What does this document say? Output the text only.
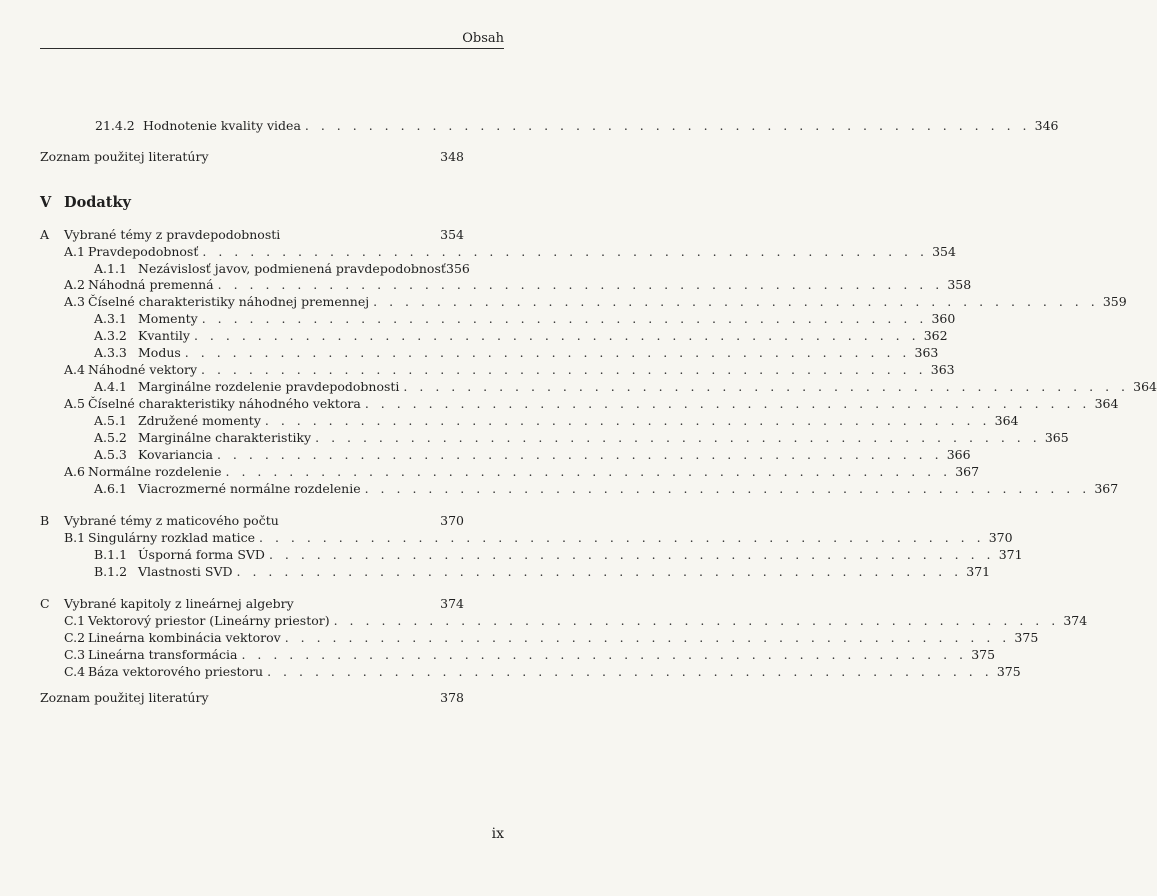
Obsah
21.4.2 Hodnotenie kvality videa . . . . . . . . . . . . . . . . . . . . . . . . . . . . . . . . . . . . . . . . . . . . . . 346
Zoznam použitej literatúry	348
V Dodatky
A	Vybrané témy z pravdepodobnosti	354
A.1 Pravdepodobnosť . . . . . . . . . . . . . . . . . . . . . . . . . . . . . . . . . . . . . . . . . . . . . . 354
A.1.1 Nezávislosť javov, podmienená pravdepodobnosť 356
A.2 Náhodná premenná . . . . . . . . . . . . . . . . . . . . . . . . . . . . . . . . . . . . . . . . . . . . . . 358
A.3 Číselné charakteristiky náhodnej premennej . . . . . . . . . . . . . . . . . . . . . . . . . . . . . . . . . . . . . . . . . . . . . . 359
A.3.1 Momenty . . . . . . . . . . . . . . . . . . . . . . . . . . . . . . . . . . . . . . . . . . . . . . 360
A.3.2 Kvantily . . . . . . . . . . . . . . . . . . . . . . . . . . . . . . . . . . . . . . . . . . . . . . 362
A.3.3 Modus . . . . . . . . . . . . . . . . . . . . . . . . . . . . . . . . . . . . . . . . . . . . . . 363
A.4 Náhodné vektory . . . . . . . . . . . . . . . . . . . . . . . . . . . . . . . . . . . . . . . . . . . . . . 363
A.4.1 Marginálne rozdelenie pravdepodobnosti . . . . . . . . . . . . . . . . . . . . . . . . . . . . . . . . . . . . . . . . . . . . . . 364
A.5 Číselné charakteristiky náhodného vektora . . . . . . . . . . . . . . . . . . . . . . . . . . . . . . . . . . . . . . . . . . . . . . 364
A.5.1 Združené momenty . . . . . . . . . . . . . . . . . . . . . . . . . . . . . . . . . . . . . . . . . . . . . . 364
A.5.2 Marginálne charakteristiky . . . . . . . . . . . . . . . . . . . . . . . . . . . . . . . . . . . . . . . . . . . . . . 365
A.5.3 Kovariancia . . . . . . . . . . . . . . . . . . . . . . . . . . . . . . . . . . . . . . . . . . . . . . 366
A.6 Normálne rozdelenie . . . . . . . . . . . . . . . . . . . . . . . . . . . . . . . . . . . . . . . . . . . . . . 367
A.6.1 Viacrozmerné normálne rozdelenie . . . . . . . . . . . . . . . . . . . . . . . . . . . . . . . . . . . . . . . . . . . . . . 367
B	Vybrané témy z maticového počtu	370
B.1 Singulárny rozklad matice . . . . . . . . . . . . . . . . . . . . . . . . . . . . . . . . . . . . . . . . . . . . . . 370
B.1.1 Úsporná forma SVD . . . . . . . . . . . . . . . . . . . . . . . . . . . . . . . . . . . . . . . . . . . . . . 371
B.1.2 Vlastnosti SVD . . . . . . . . . . . . . . . . . . . . . . . . . . . . . . . . . . . . . . . . . . . . . . 371
C	Vybrané kapitoly z lineárnej algebry	374
C.1 Vektorový priestor (Lineárny priestor) . . . . . . . . . . . . . . . . . . . . . . . . . . . . . . . . . . . . . . . . . . . . . . 374
C.2 Lineárna kombinácia vektorov . . . . . . . . . . . . . . . . . . . . . . . . . . . . . . . . . . . . . . . . . . . . . . 375
C.3 Lineárna transformácia . . . . . . . . . . . . . . . . . . . . . . . . . . . . . . . . . . . . . . . . . . . . . . 375
C.4 Báza vektorového priestoru . . . . . . . . . . . . . . . . . . . . . . . . . . . . . . . . . . . . . . . . . . . . . . 375
Zoznam použitej literatúry	378
ix
